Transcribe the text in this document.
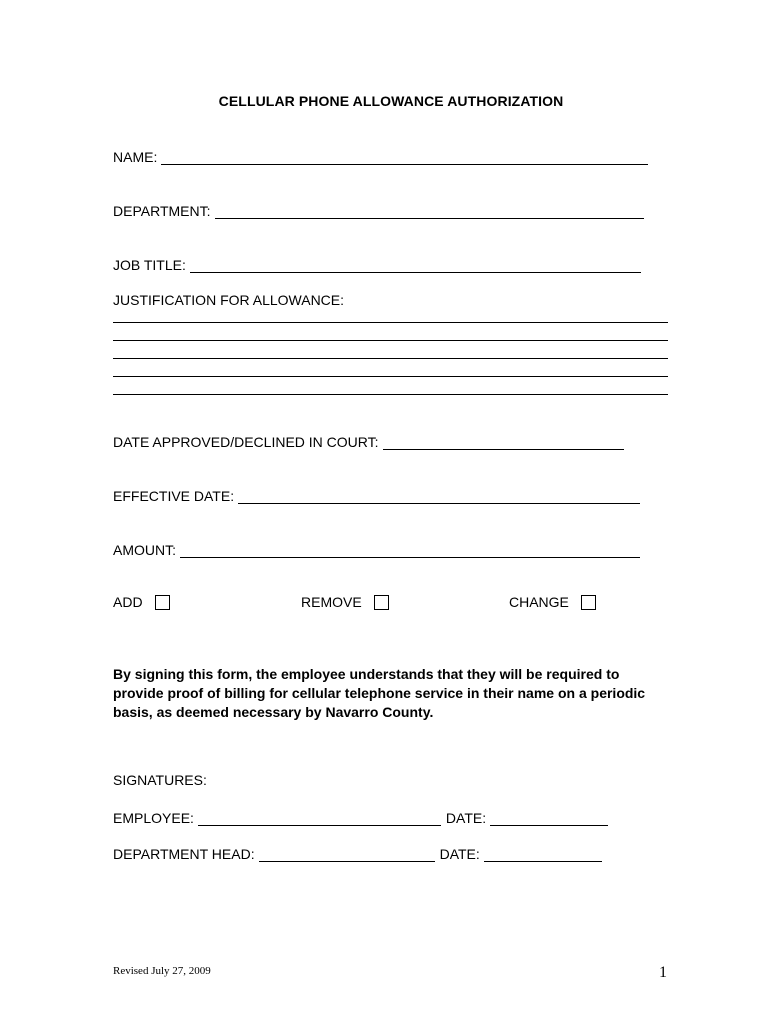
CELLULAR PHONE ALLOWANCE AUTHORIZATION
NAME:
DEPARTMENT:
JOB TITLE:
JUSTIFICATION FOR ALLOWANCE:
DATE APPROVED/DECLINED IN COURT:
EFFECTIVE DATE:
AMOUNT:
ADD	REMOVE	CHANGE
By signing this form, the employee understands that they will be required to provide proof of billing for cellular telephone service in their name on a periodic basis, as deemed necessary by Navarro County.
SIGNATURES:
EMPLOYEE:	DATE:
DEPARTMENT HEAD:	DATE:
Revised July 27, 2009	1
